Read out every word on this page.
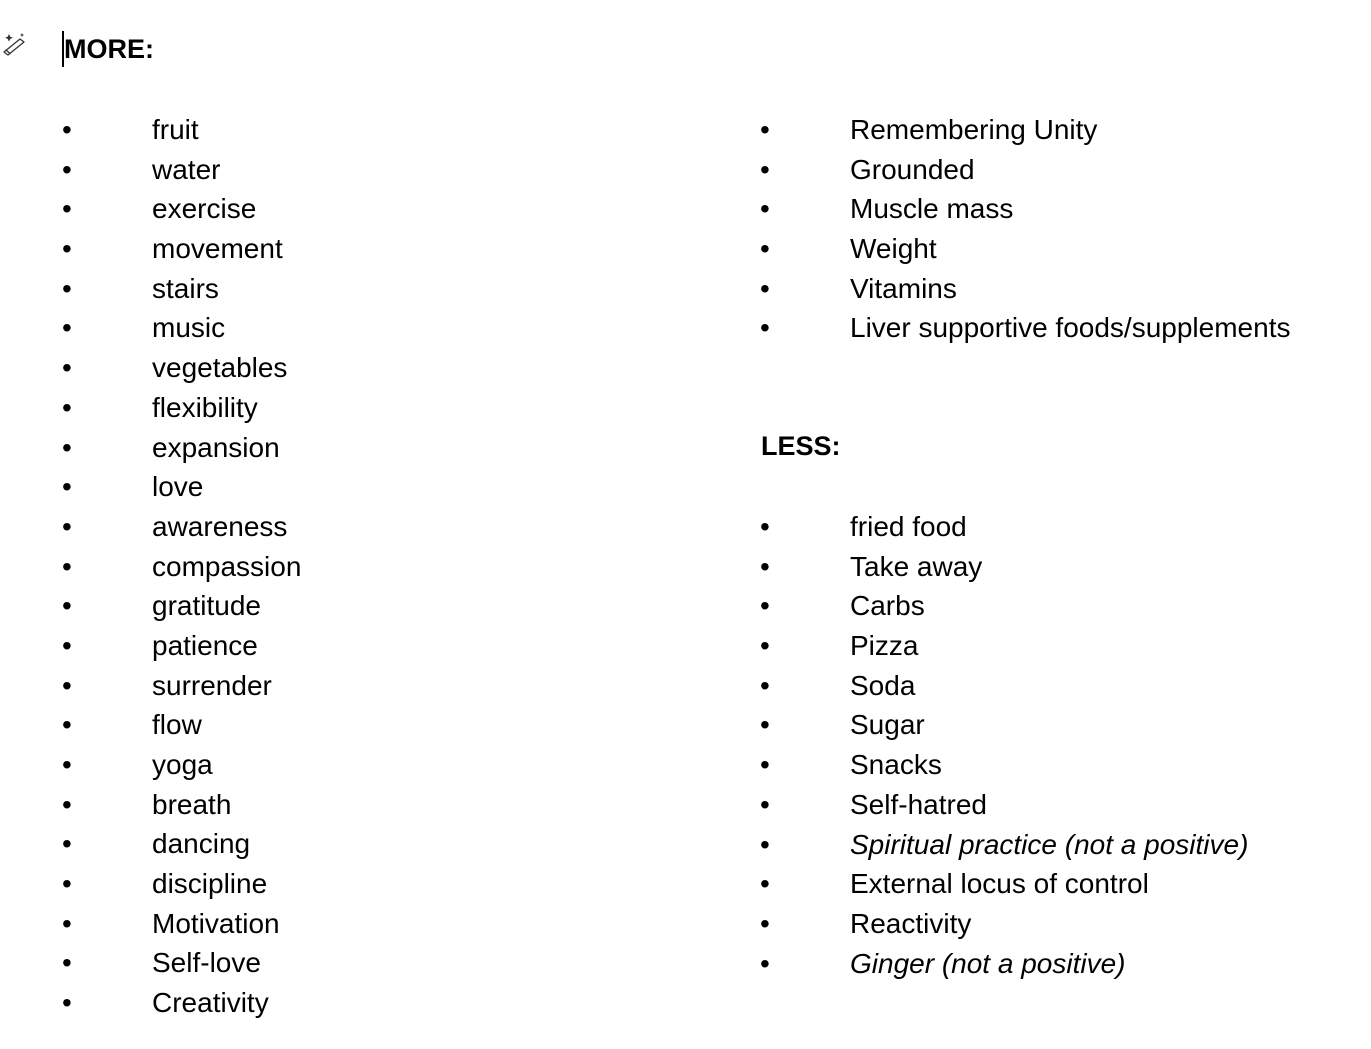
MORE:
•	fruit
•	water
•	exercise
•	movement
•	stairs
•	music
•	vegetables
•	flexibility
•	expansion
•	love
•	awareness
•	compassion
•	gratitude
•	patience
•	surrender
•	flow
•	yoga
•	breath
•	dancing
•	discipline
•	Motivation
•	Self-love
•	Creativity
•	Remembering Unity
•	Grounded
•	Muscle mass
•	Weight
•	Vitamins
•	Liver supportive foods/supplements
LESS:
•	fried food
•	Take away
•	Carbs
•	Pizza
•	Soda
•	Sugar
•	Snacks
•	Self-hatred
•	Spiritual practice (not a positive)
•	External locus of control
•	Reactivity
•	Ginger (not a positive)
